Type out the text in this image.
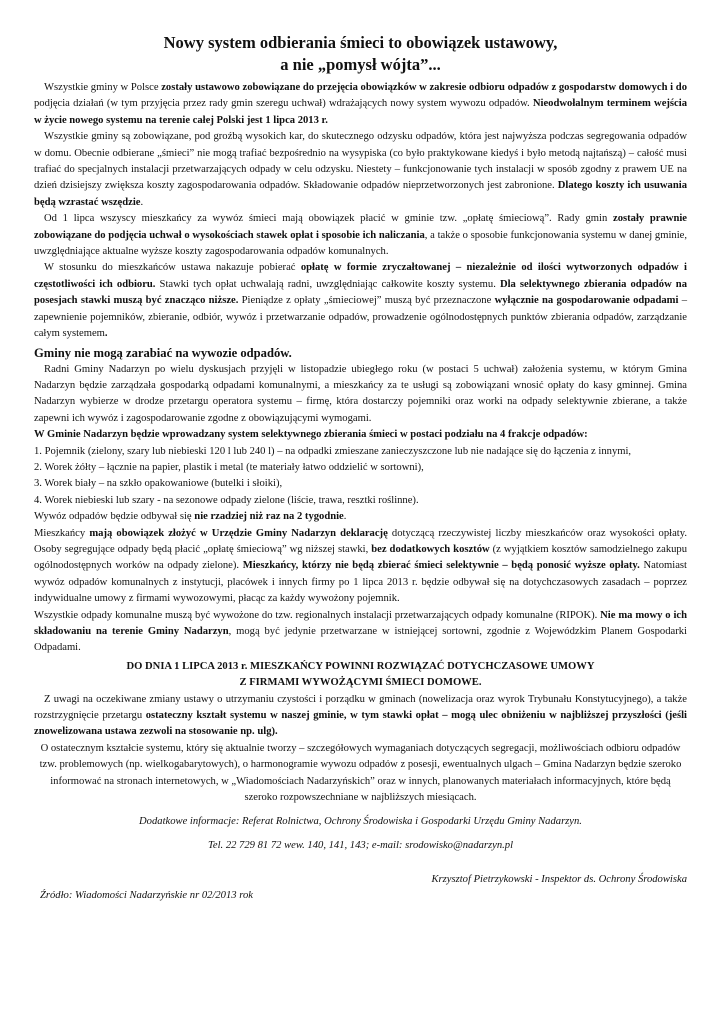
Nowy system odbierania śmieci to obowiązek ustawowy,
a nie „pomysł wójta”...

Wszystkie gminy w Polsce zostały ustawowo zobowiązane do przejęcia obowiązków w zakresie odbioru odpadów z gospodarstw domowych i do podjęcia działań (w tym przyjęcia przez rady gmin szeregu uchwał) wdrażających nowy system wywozu odpadów. Nieodwołalnym terminem wejścia w życie nowego systemu na terenie całej Polski jest 1 lipca 2013 r.

Wszystkie gminy są zobowiązane, pod groźbą wysokich kar, do skutecznego odzysku odpadów, która jest najwyższa podczas segregowania odpadów w domu. Obecnie odbierane „śmieci” nie mogą trafiać bezpośrednio na wysypiska (co było praktykowane kiedyś i było metodą najtańszą) – całość musi trafiać do specjalnych instalacji przetwarzających odpady w celu odzysku. Niestety – funkcjonowanie tych instalacji w sposób zgodny z prawem UE na dzień dzisiejszy zwiększa koszty zagospodarowania odpadów. Składowanie odpadów nieprzetworzonych jest zabronione. Dlatego koszty ich usuwania będą wzrastać wszędzie.

Od 1 lipca wszyscy mieszkańcy za wywóz śmieci mają obowiązek płacić w gminie tzw. „opłatę śmieciową”. Rady gmin zostały prawnie zobowiązane do podjęcia uchwał o wysokościach stawek opłat i sposobie ich naliczania, a także o sposobie funkcjonowania systemu w danej gminie, uwzględniające aktualne wyższe koszty zagospodarowania odpadów komunalnych.

W stosunku do mieszkańców ustawa nakazuje pobierać opłatę w formie zryczałtowanej – niezależnie od ilości wytworzonych odpadów i częstotliwości ich odbioru. Stawki tych opłat uchwalają radni, uwzględniając całkowite koszty systemu. Dla selektywnego zbierania odpadów na posesjach stawki muszą być znacząco niższe. Pieniądze z opłaty „śmieciowej” muszą być przeznaczone wyłącznie na gospodarowanie odpadami – zapewnienie pojemników, zbieranie, odbiór, wywóz i przetwarzanie odpadów, prowadzenie ogólnodostępnych punktów zbierania odpadów, zarządzanie całym systemem.

Gminy nie mogą zarabiać na wywozie odpadów.

Radni Gminy Nadarzyn po wielu dyskusjach przyjęli w listopadzie ubiegłego roku (w postaci 5 uchwał) założenia systemu, w którym Gmina Nadarzyn będzie zarządzała gospodarką odpadami komunalnymi, a mieszkańcy za te usługi są zobowiązani wnosić opłaty do kasy gminnej. Gmina Nadarzyn wybierze w drodze przetargu operatora systemu – firmę, która dostarczy pojemniki oraz worki na odpady selektywnie zbierane, a także zapewni ich wywóz i zagospodarowanie zgodne z obowiązującymi wymogami.

W Gminie Nadarzyn będzie wprowadzany system selektywnego zbierania śmieci w postaci podziału na 4 frakcje odpadów:

1. Pojemnik (zielony, szary lub niebieski 120 l lub 240 l) – na odpadki zmieszane zanieczyszczone lub nie nadające się do łączenia z innymi,

2. Worek żółty – łącznie na papier, plastik i metal (te materiały łatwo oddzielić w sortowni),

3. Worek biały – na szkło opakowaniowe (butelki i słoiki),

4. Worek niebieski lub szary - na sezonowe odpady zielone (liście, trawa, resztki roślinne).

Wywóz odpadów będzie odbywał się nie rzadziej niż raz na 2 tygodnie.

Mieszkańcy mają obowiązek złożyć w Urzędzie Gminy Nadarzyn deklarację dotyczącą rzeczywistej liczby mieszkańców oraz wysokości opłaty. Osoby segregujące odpady będą płacić „opłatę śmieciową” wg niższej stawki, bez dodatkowych kosztów (z wyjątkiem kosztów samodzielnego zakupu ogólnodostępnych worków na odpady zielone). Mieszkańcy, którzy nie będą zbierać śmieci selektywnie – będą ponosić wyższe opłaty. Natomiast wywóz odpadów komunalnych z instytucji, placówek i innych firmy po 1 lipca 2013 r. będzie odbywał się na dotychczasowych zasadach – poprzez indywidualne umowy z firmami wywozowymi, płacąc za każdy wywożony pojemnik.

Wszystkie odpady komunalne muszą być wywożone do tzw. regionalnych instalacji przetwarzających odpady komunalne (RIPOK). Nie ma mowy o ich składowaniu na terenie Gminy Nadarzyn, mogą być jedynie przetwarzane w istniejącej sortowni, zgodnie z Wojewódzkim Planem Gospodarki Odpadami.

DO DNIA 1 LIPCA 2013 r. MIESZKAŃCY POWINNI ROZWIĄZAĆ DOTYCHCZASOWE UMOWY
Z FIRMAMI WYWOŻĄCYMI ŚMIECI DOMOWE.

Z uwagi na oczekiwane zmiany ustawy o utrzymaniu czystości i porządku w gminach (nowelizacja oraz wyrok Trybunału Konstytucyjnego), a także rozstrzygnięcie przetargu ostateczny kształt systemu w naszej gminie, w tym stawki opłat – mogą ulec obniżeniu w najbliższej przyszłości (jeśli znowelizowana ustawa zezwoli na stosowanie np. ulg).

O ostatecznym kształcie systemu, który się aktualnie tworzy – szczegółowych wymaganiach dotyczących segregacji, możliwościach odbioru odpadów tzw. problemowych (np. wielkogabarytowych), o harmonogramie wywozu odpadów z posesji, ewentualnych ulgach – Gmina Nadarzyn będzie szeroko informować na stronach internetowych, w „Wiadomościach Nadarzyńskich” oraz w innych, planowanych materiałach informacyjnych, które będą szeroko rozpowszechniane w najbliższych miesiącach.

Dodatkowe informacje: Referat Rolnictwa, Ochrony Środowiska i Gospodarki Urzędu Gminy Nadarzyn.
Tel. 22 729 81 72 wew. 140, 141, 143; e-mail: srodowisko@nadarzyn.pl
Krzysztof Pietrzykowski - Inspektor ds. Ochrony Środowiska
Źródło: Wiadomości Nadarzyńskie nr 02/2013 rok
